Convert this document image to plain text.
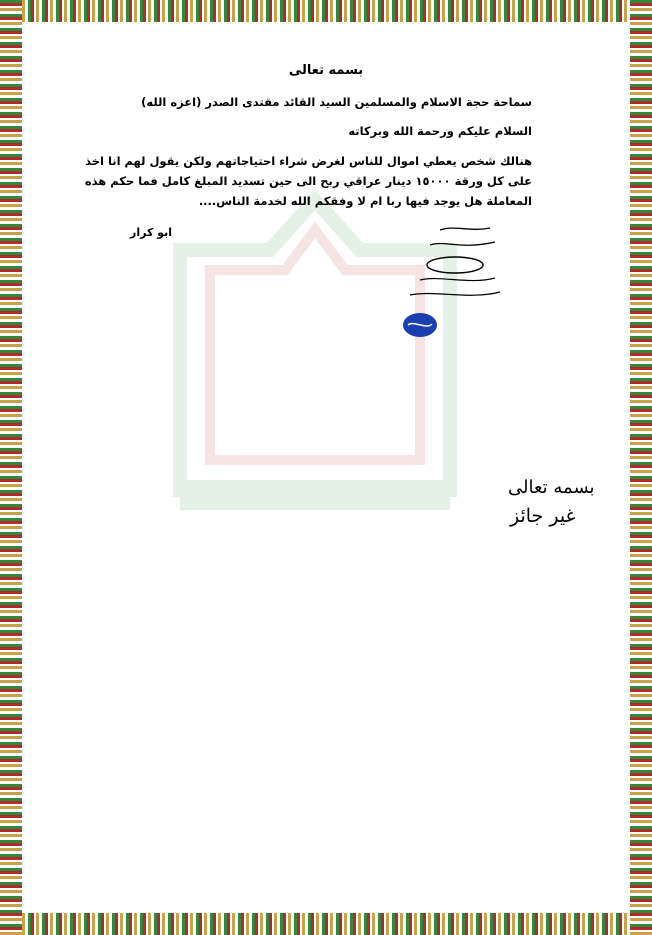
بسمه تعالى
سماحة حجة الاسلام والمسلمين السيد القائد مقتدى الصدر (اعزه الله)
السلام عليكم ورحمة الله وبركاته
هنالك شخص يعطي اموال للناس لغرض شراء احتياجاتهم ولكن يقول لهم انا اخذ
على كل ورقة ١٥٠٠٠ دينار عراقي ربح الى حين تسديد المبلغ كامل فما حكم هذه
المعاملة هل يوجد فيها ربا ام لا وفقكم الله لخدمة الناس....
ابو كرار
بسمه تعالى
غير جائز
